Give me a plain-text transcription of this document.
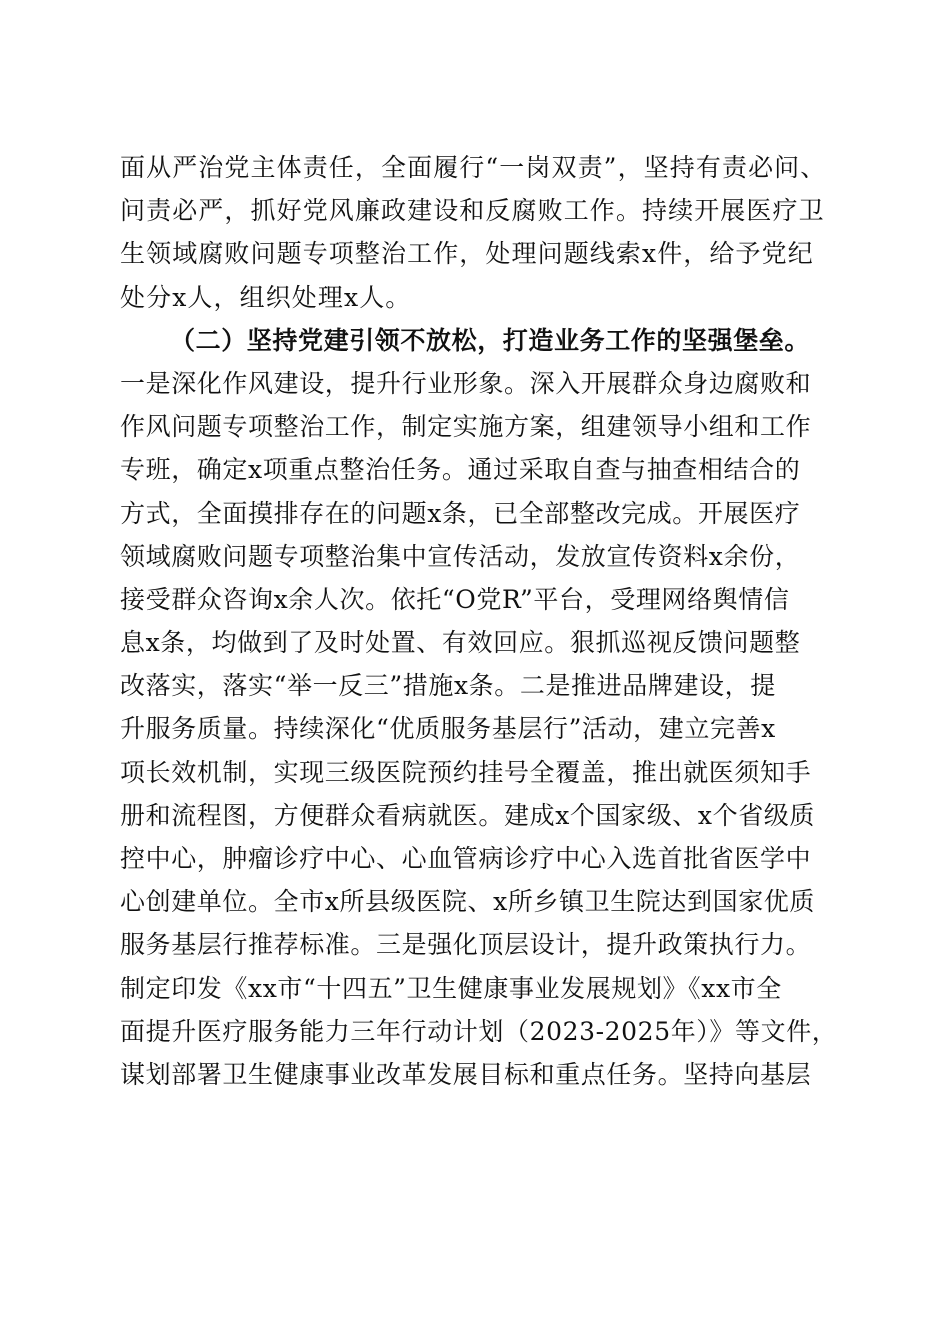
面从严治党主体责任，全面履行“一岗双责”，坚持有责必问、
问责必严，抓好党风廉政建设和反腐败工作。持续开展医疗卫
生领域腐败问题专项整治工作，处理问题线索x件，给予党纪
处分x人，组织处理x人。
（二）坚持党建引领不放松，打造业务工作的坚强堡垒。
一是深化作风建设，提升行业形象。深入开展群众身边腐败和
作风问题专项整治工作，制定实施方案，组建领导小组和工作
专班，确定x项重点整治任务。通过采取自查与抽查相结合的
方式，全面摸排存在的问题x条，已全部整改完成。开展医疗
领域腐败问题专项整治集中宣传活动，发放宣传资料x余份，
接受群众咨询x余人次。依托“O党R”平台，受理网络舆情信
息x条，均做到了及时处置、有效回应。狠抓巡视反馈问题整
改落实，落实“举一反三”措施x条。二是推进品牌建设，提
升服务质量。持续深化“优质服务基层行”活动，建立完善x
项长效机制，实现三级医院预约挂号全覆盖，推出就医须知手
册和流程图，方便群众看病就医。建成x个国家级、x个省级质
控中心，肿瘤诊疗中心、心血管病诊疗中心入选首批省医学中
心创建单位。全市x所县级医院、x所乡镇卫生院达到国家优质
服务基层行推荐标准。三是强化顶层设计，提升政策执行力。
制定印发《xx市“十四五”卫生健康事业发展规划》《xx市全
面提升医疗服务能力三年行动计划（2023-2025年）》等文件，
谋划部署卫生健康事业改革发展目标和重点任务。坚持向基层
